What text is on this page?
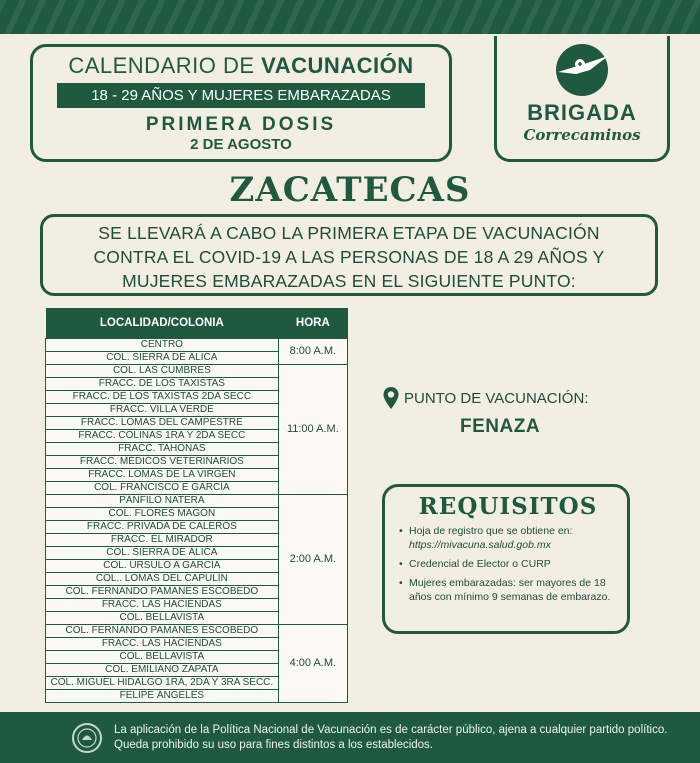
CALENDARIO DE VACUNACIÓN
18 - 29 AÑOS Y MUJERES EMBARAZADAS
PRIMERA DOSIS
2 DE AGOSTO
BRIGADA
Correcaminos
ZACATECAS
SE LLEVARÁ A CABO LA PRIMERA ETAPA DE VACUNACIÓN
CONTRA EL COVID-19 A LAS PERSONAS DE 18 A 29 AÑOS Y
MUJERES EMBARAZADAS EN EL SIGUIENTE PUNTO:
LOCALIDAD/COLONIA	HORA
CENTRO	8:00 A.M.
COL. SIERRA DE ÁLICA	
COL. LAS CUMBRES	11:00 A.M.
FRACC. DE LOS TAXISTAS	
FRACC. DE LOS TAXISTAS 2DA SECC	
FRACC. VILLA VERDE	
FRACC. LOMAS DEL CAMPESTRE	
FRACC. COLINAS 1RA Y 2DA SECC	
FRACC. TAHONAS	
FRACC. MÉDICOS VETERINARIOS	
FRACC. LOMAS DE LA VIRGEN	
COL. FRANCISCO E GARCÍA	
PÁNFILO NATERA	2:00 A.M.
COL. FLORES MAGÓN	
FRACC. PRIVADA DE CALEROS	
FRACC. EL MIRADOR	
COL. SIERRA DE ÁLICA	
COL. ÚRSULO A GARCÍA	
COL.. LOMAS DEL CAPULÍN	
COL. FERNANDO PAMANES ESCOBEDO	
FRACC. LAS HACIENDAS	
COL. BELLAVISTA	
COL. FERNANDO PAMANES ESCOBEDO	4:00 A.M.
FRACC. LAS HACIENDAS	
COL. BELLAVISTA	
COL. EMILIANO ZAPATA	
COL. MIGUEL HIDALGO 1RA, 2DA Y 3RA SECC.	
FELIPE ÁNGELES	
PUNTO DE VACUNACIÓN:
FENAZA
REQUISITOS
• Hoja de registro que se obtiene en: https://mivacuna.salud.gob.mx
• Credencial de Elector o CURP
• Mujeres embarazadas: ser mayores de 18 años con mínimo 9 semanas de embarazo.
La aplicación de la Política Nacional de Vacunación es de carácter público, ajena a cualquier partido político. Queda prohibido su uso para fines distintos a los establecidos.
